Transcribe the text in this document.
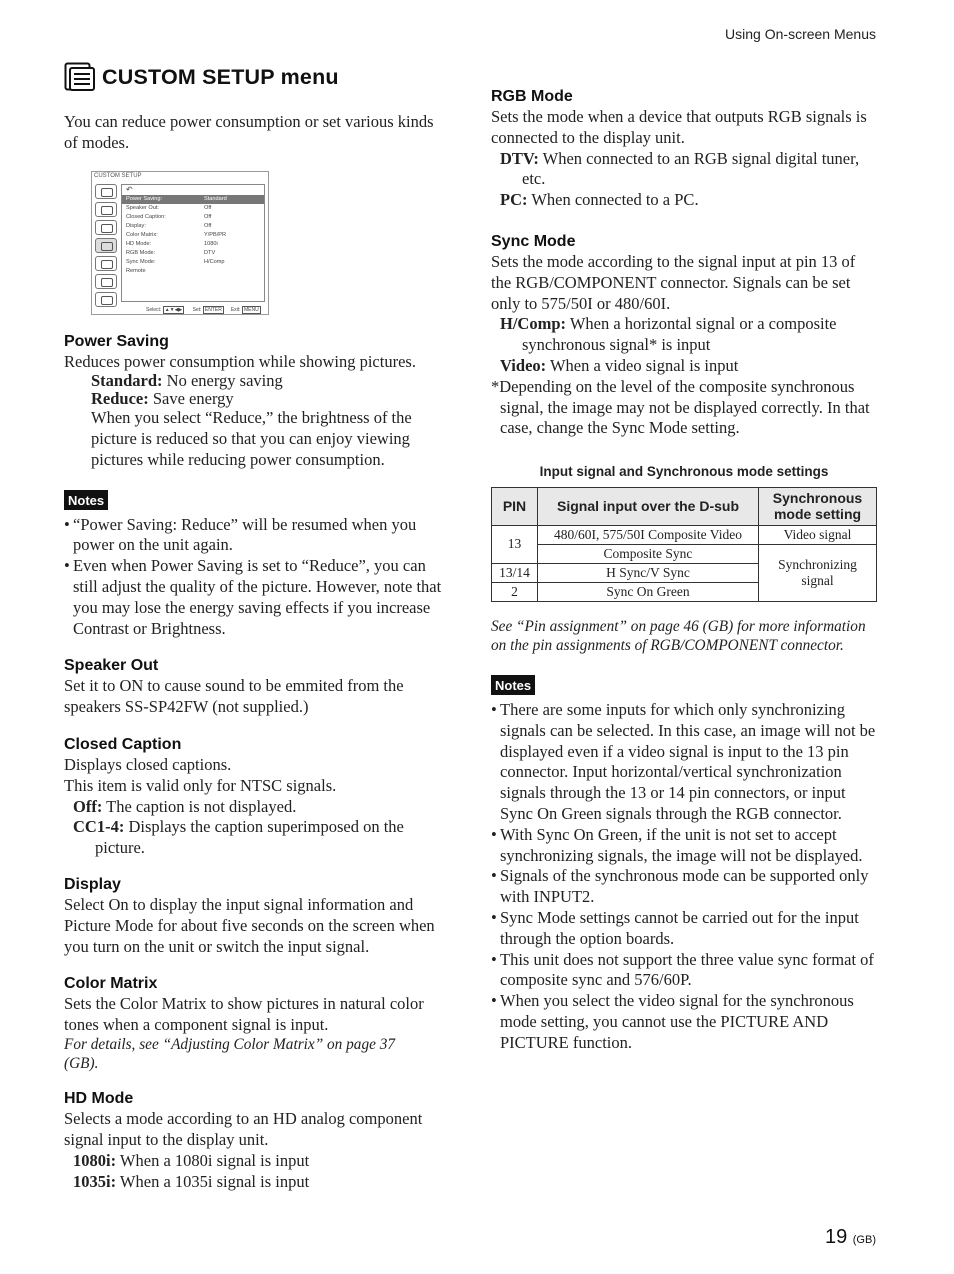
Using On-screen Menus
CUSTOM SETUP menu

You can reduce power consumption or set various kinds of modes.

CUSTOM SETUP
↶
Power Saving:	Standard
Speaker Out:	Off
Closed Caption:	Off
Display:	Off
Color Matrix:	Y/PB/PR
HD Mode:	1080i
RGB Mode:	DTV
Sync Mode:	H/Comp
Remote
Select: ▲▼◀▶ Set: ENTER Exit: MENU
Power Saving

Reduces power consumption while showing pictures.

Standard: No energy saving

Reduce: Save energy

When you select “Reduce,” the brightness of the picture is reduced so that you can enjoy viewing pictures while reducing power consumption.

Notes
• “Power Saving: Reduce” will be resumed when you power on the unit again.
• Even when Power Saving is set to “Reduce”, you can still adjust the quality of the picture. However, note that you may lose the energy saving effects if you increase Contrast or Brightness.
Speaker Out

Set it to ON to cause sound to be emmited from the speakers SS-SP42FW (not supplied.)

Closed Caption

Displays closed captions.

This item is valid only for NTSC signals.

Off: The caption is not displayed.

CC1-4: Displays the caption superimposed on the picture.

Display

Select On to display the input signal information and Picture Mode for about five seconds on the screen when you turn on the unit or switch the input signal.

Color Matrix

Sets the Color Matrix to show pictures in natural color tones when a component signal is input.

For details, see “Adjusting Color Matrix” on page 37 (GB).

HD Mode

Selects a mode according to an HD analog component signal input to the display unit.

1080i: When a 1080i signal is input

1035i: When a 1035i signal is input

RGB Mode

Sets the mode when a device that outputs RGB signals is connected to the display unit.

DTV: When connected to an RGB signal digital tuner, etc.

PC: When connected to a PC.

Sync Mode

Sets the mode according to the signal input at pin 13 of the RGB/COMPONENT connector. Signals can be set only to 575/50I or 480/60I.

H/Comp: When a horizontal signal or a composite synchronous signal* is input

Video: When a video signal is input

*Depending on the level of the composite synchronous signal, the image may not be displayed correctly. In that case, change the Sync Mode setting.

Input signal and Synchronous mode settings
PIN	Signal input over the D-sub	Synchronous mode setting
13	480/60I, 575/50I Composite Video	Video signal
	Composite Sync	Synchronizing signal
13/14	H Sync/V Sync	
2	Sync On Green	

See “Pin assignment” on page 46 (GB) for more information on the pin assignments of RGB/COMPONENT connector.

Notes
• There are some inputs for which only synchronizing signals can be selected. In this case, an image will not be displayed even if a video signal is input to the 13 pin connector. Input horizontal/vertical synchronization signals through the 13 or 14 pin connectors, or input Sync On Green signals through the RGB connector.
• With Sync On Green, if the unit is not set to accept synchronizing signals, the image will not be displayed.
• Signals of the synchronous mode can be supported only with INPUT2.
• Sync Mode settings cannot be carried out for the input through the option boards.
• This unit does not support the three value sync format of composite sync and 576/60P.
• When you select the video signal for the synchronous mode setting, you cannot use the PICTURE AND PICTURE function.
19 (GB)
